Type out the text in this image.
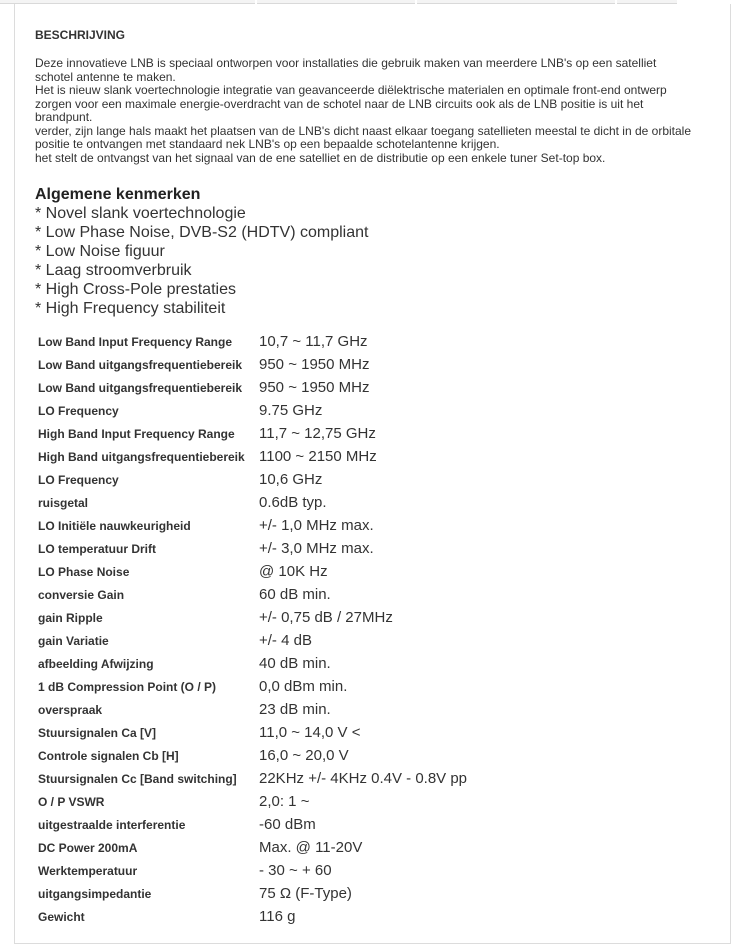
BESCHRIJVING

Deze innovatieve LNB is speciaal ontworpen voor installaties die gebruik maken van meerdere LNB's op een satelliet

schotel antenne te maken.

Het is nieuw slank voertechnologie integratie van geavanceerde diëlektrische materialen en optimale front-end ontwerp

zorgen voor een maximale energie-overdracht van de schotel naar de LNB circuits ook als de LNB positie is uit het

brandpunt.

verder, zijn lange hals maakt het plaatsen van de LNB's dicht naast elkaar toegang satellieten meestal te dicht in de orbitale

positie te ontvangen met standaard nek LNB's op een bepaalde schotelantenne krijgen.

het stelt de ontvangst van het signaal van de ene satelliet en de distributie op een enkele tuner Set-top box.

Algemene kenmerken
* Novel slank voertechnologie
* Low Phase Noise, DVB-S2 (HDTV) compliant
* Low Noise figuur
* Laag stroomverbruik
* High Cross-Pole prestaties
* High Frequency stabiliteit
Low Band Input Frequency Range	10,7 ~ 11,7 GHz
Low Band uitgangsfrequentiebereik	950 ~ 1950 MHz
Low Band uitgangsfrequentiebereik	950 ~ 1950 MHz
LO Frequency	9.75 GHz
High Band Input Frequency Range	11,7 ~ 12,75 GHz
High Band uitgangsfrequentiebereik	1100 ~ 2150 MHz
LO Frequency	10,6 GHz
ruisgetal	0.6dB typ.
LO Initiële nauwkeurigheid	+/- 1,0 MHz max.
LO temperatuur Drift	+/- 3,0 MHz max.
LO Phase Noise	@ 10K Hz
conversie Gain	60 dB min.
gain Ripple	+/- 0,75 dB / 27MHz
gain Variatie	+/- 4 dB
afbeelding Afwijzing	40 dB min.
1 dB Compression Point (O / P)	0,0 dBm min.
overspraak	23 dB min.
Stuursignalen Ca [V]	11,0 ~ 14,0 V <
Controle signalen Cb [H]	16,0 ~ 20,0 V
Stuursignalen Cc [Band switching]	22KHz +/- 4KHz 0.4V - 0.8V pp
O / P VSWR	2,0: 1 ~
uitgestraalde interferentie	-60 dBm
DC Power 200mA	Max. @ 11-20V
Werktemperatuur	- 30 ~ + 60
uitgangsimpedantie	75 Ω (F-Type)
Gewicht	116 g
